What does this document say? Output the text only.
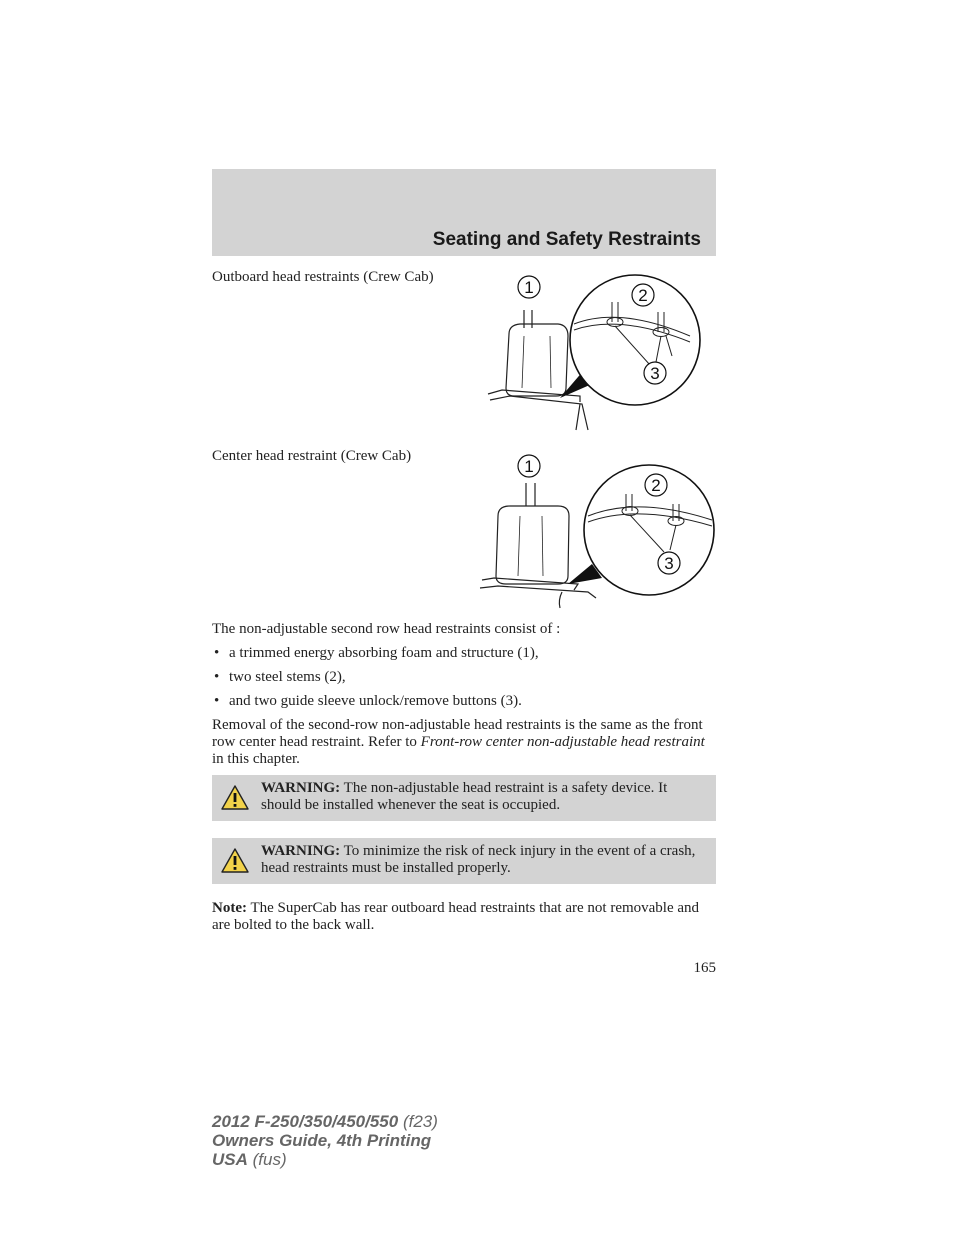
Seating and Safety Restraints
Outboard head restraints (Crew Cab)
1	2
3
Center head restraint (Crew Cab)
1
2
3
The non-adjustable second row head restraints consist of :
• a trimmed energy absorbing foam and structure (1),
• two steel stems (2),
• and two guide sleeve unlock/remove buttons (3).
Removal of the second-row non-adjustable head restraints is the same as the front row center head restraint. Refer to Front-row center non-adjustable head restraint in this chapter.
WARNING: The non-adjustable head restraint is a safety device. It should be installed whenever the seat is occupied.
WARNING: To minimize the risk of neck injury in the event of a crash, head restraints must be installed properly.
Note: The SuperCab has rear outboard head restraints that are not removable and are bolted to the back wall.
165
2012 F-250/350/450/550 (f23)
Owners Guide, 4th Printing
USA (fus)
